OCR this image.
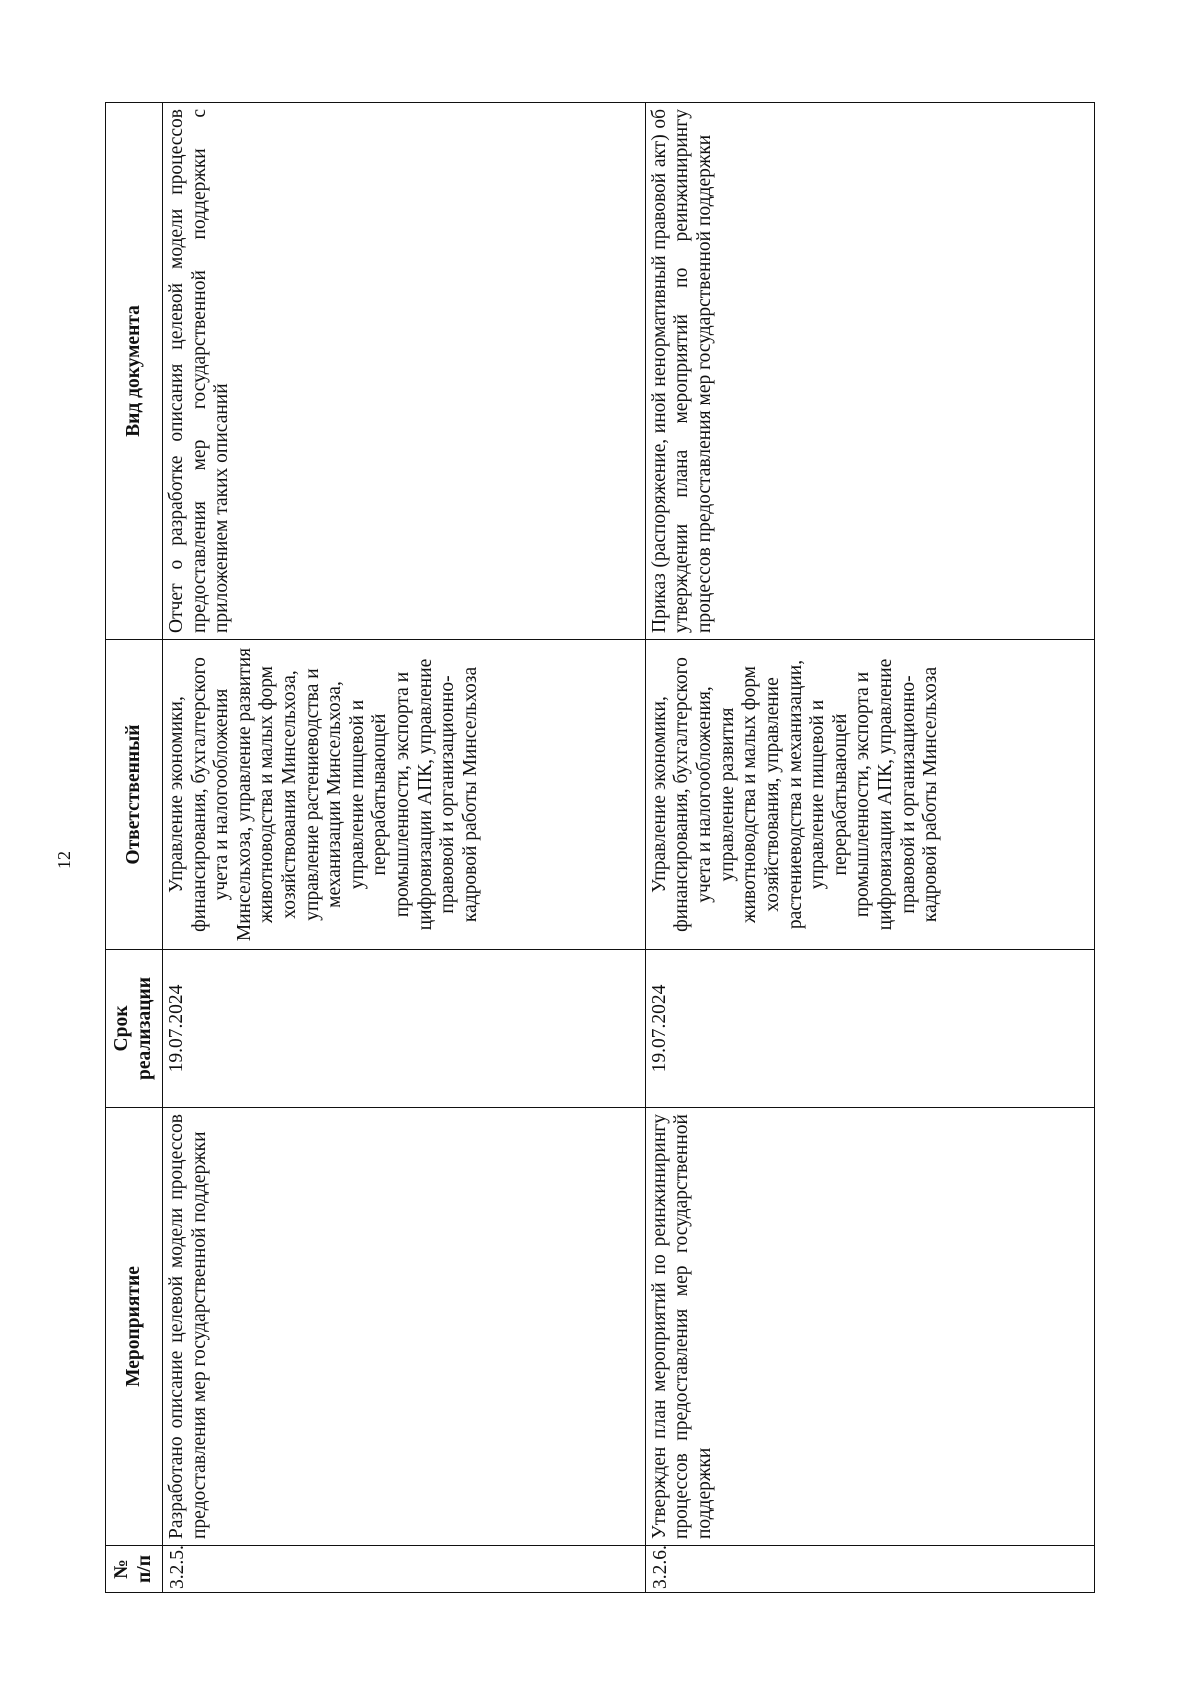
12
№ п/п	Мероприятие	Срок реализации	Ответственный	Вид документа
3.2.5.	Разработано описание целевой модели процессов предоставления мер государственной поддержки	19.07.2024	Управление экономики, финансирования, бухгалтерского учета и налогообложения Минсельхоза, управление развития животноводства и малых форм хозяйствования Минсельхоза, управление растениеводства и механизации Минсельхоза, управление пищевой и перерабатывающей промышленности, экспорта и цифровизации АПК, управление правовой и организационно-кадровой работы Минсельхоза	Отчет о разработке описания целевой модели процессов предоставления мер государственной поддержки с приложением таких описаний
3.2.6.	Утвержден план мероприятий по реинжинирингу процессов предоставления мер государственной поддержки	19.07.2024	Управление экономики, финансирования, бухгалтерского учета и налогообложения, управление развития животноводства и малых форм хозяйствования, управление растениеводства и механизации, управление пищевой и перерабатывающей промышленности, экспорта и цифровизации АПК, управление правовой и организационно-кадровой работы Минсельхоза	Приказ (распоряжение, иной ненормативный правовой акт) об утверждении плана мероприятий по реинжинирингу процессов предоставления мер государственной поддержки
